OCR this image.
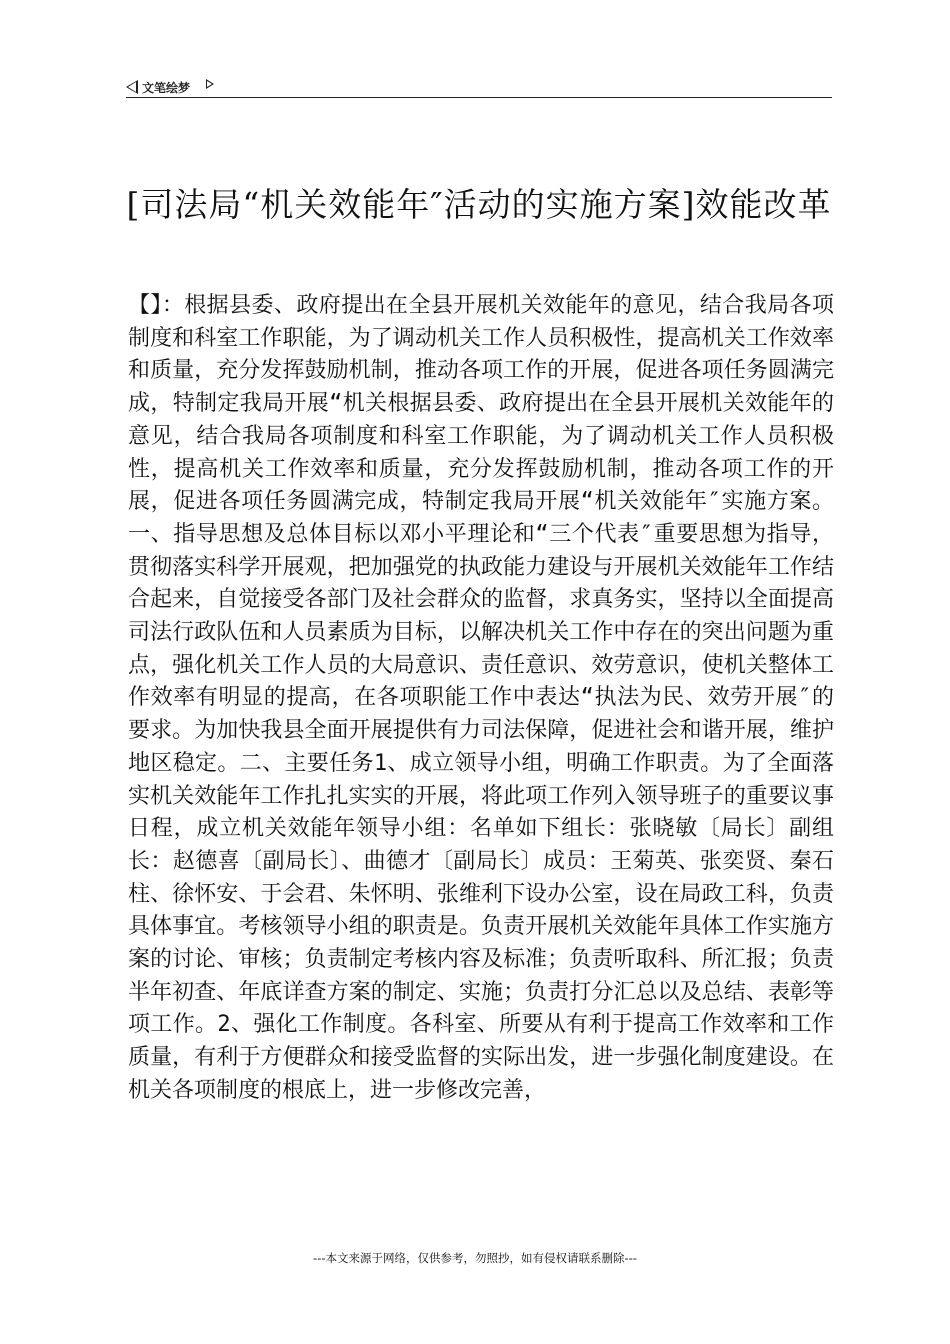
文笔绘梦
[司法局“机关效能年″活动的实施方案]效能改革
【】：根据县委、政府提出在全县开展机关效能年的意见，结合我局各项制度和科室工作职能，为了调动机关工作人员积极性，提高机关工作效率和质量，充分发挥鼓励机制，推动各项工作的开展，促进各项任务圆满完成，特制定我局开展“机关根据县委、政府提出在全县开展机关效能年的意见，结合我局各项制度和科室工作职能，为了调动机关工作人员积极性，提高机关工作效率和质量，充分发挥鼓励机制，推动各项工作的开展，促进各项任务圆满完成，特制定我局开展“机关效能年″实施方案。一、指导思想及总体目标以邓小平理论和“三个代表″重要思想为指导，贯彻落实科学开展观，把加强党的执政能力建设与开展机关效能年工作结合起来，自觉接受各部门及社会群众的监督，求真务实，坚持以全面提高司法行政队伍和人员素质为目标，以解决机关工作中存在的突出问题为重点，强化机关工作人员的大局意识、责任意识、效劳意识，使机关整体工作效率有明显的提高，在各项职能工作中表达“执法为民、效劳开展″的要求。为加快我县全面开展提供有力司法保障，促进社会和谐开展，维护地区稳定。二、主要任务1、成立领导小组，明确工作职责。为了全面落实机关效能年工作扎扎实实的开展，将此项工作列入领导班子的重要议事日程，成立机关效能年领导小组：名单如下组长：张晓敏〔局长〕副组长：赵德喜〔副局长〕、曲德才〔副局长〕成员：王菊英、张奕贤、秦石柱、徐怀安、于会君、朱怀明、张维利下设办公室，设在局政工科，负责具体事宜。考核领导小组的职责是。负责开展机关效能年具体工作实施方案的讨论、审核；负责制定考核内容及标准；负责听取科、所汇报；负责半年初查、年底详查方案的制定、实施；负责打分汇总以及总结、表彰等项工作。2、强化工作制度。各科室、所要从有利于提高工作效率和工作质量，有利于方便群众和接受监督的实际出发，进一步强化制度建设。在机关各项制度的根底上，进一步修改完善，
---本文来源于网络，仅供参考，勿照抄，如有侵权请联系删除---
